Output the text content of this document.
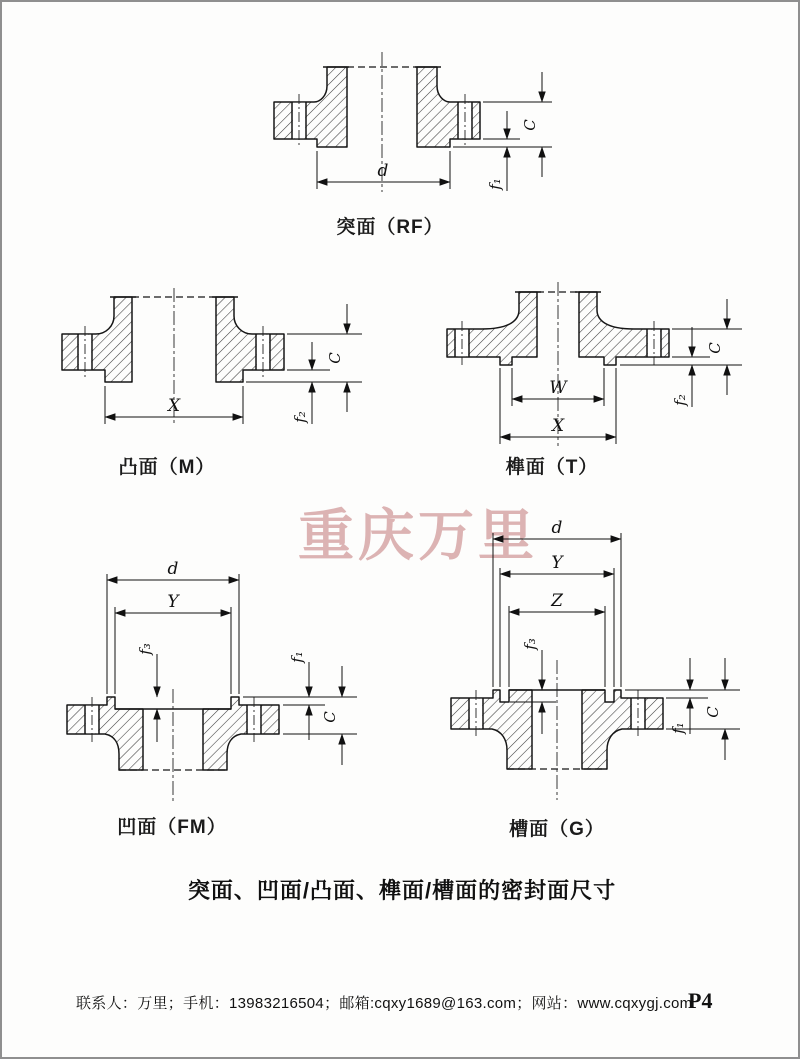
重庆万里
d
f₁
C
突面（RF）
X
f₂
C
凸面（M）
W
X
f₂
C
榫面（T）
d
Y
f₃
f₁
C
凹面（FM）
d
Y
Z
f₃
f₁
C
槽面（G）
突面、凹面/凸面、榫面/槽面的密封面尺寸
联系人：万里；手机：13983216504；邮箱:cqxy1689@163.com；网站：www.cqxygj.com
P4
